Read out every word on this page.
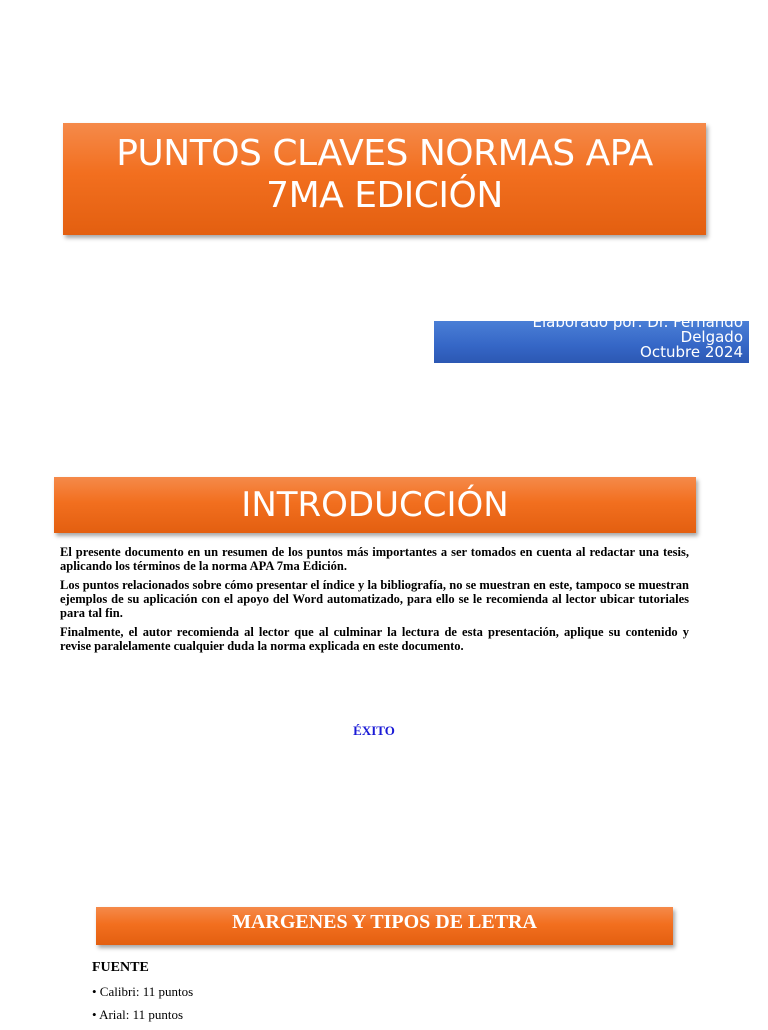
PUNTOS CLAVES NORMAS APA
7MA EDICIÓN
Elaborado por: Dr. Fernando
Delgado
Octubre 2024
INTRODUCCIÓN

El presente documento en un resumen de los puntos más importantes a ser tomados en cuenta al redactar una tesis, aplicando los términos de la norma APA 7ma Edición.

Los puntos relacionados sobre cómo presentar el índice y la bibliografía, no se muestran en este, tampoco se muestran ejemplos de su aplicación con el apoyo del Word automatizado, para ello se le recomienda al lector ubicar tutoriales para tal fin.

Finalmente, el autor recomienda al lector que al culminar la lectura de esta presentación, aplique su contenido y revise paralelamente cualquier duda la norma explicada en este documento.

ÉXITO
MARGENES Y TIPOS DE LETRA
FUENTE
• Calibri: 11 puntos
• Arial: 11 puntos
